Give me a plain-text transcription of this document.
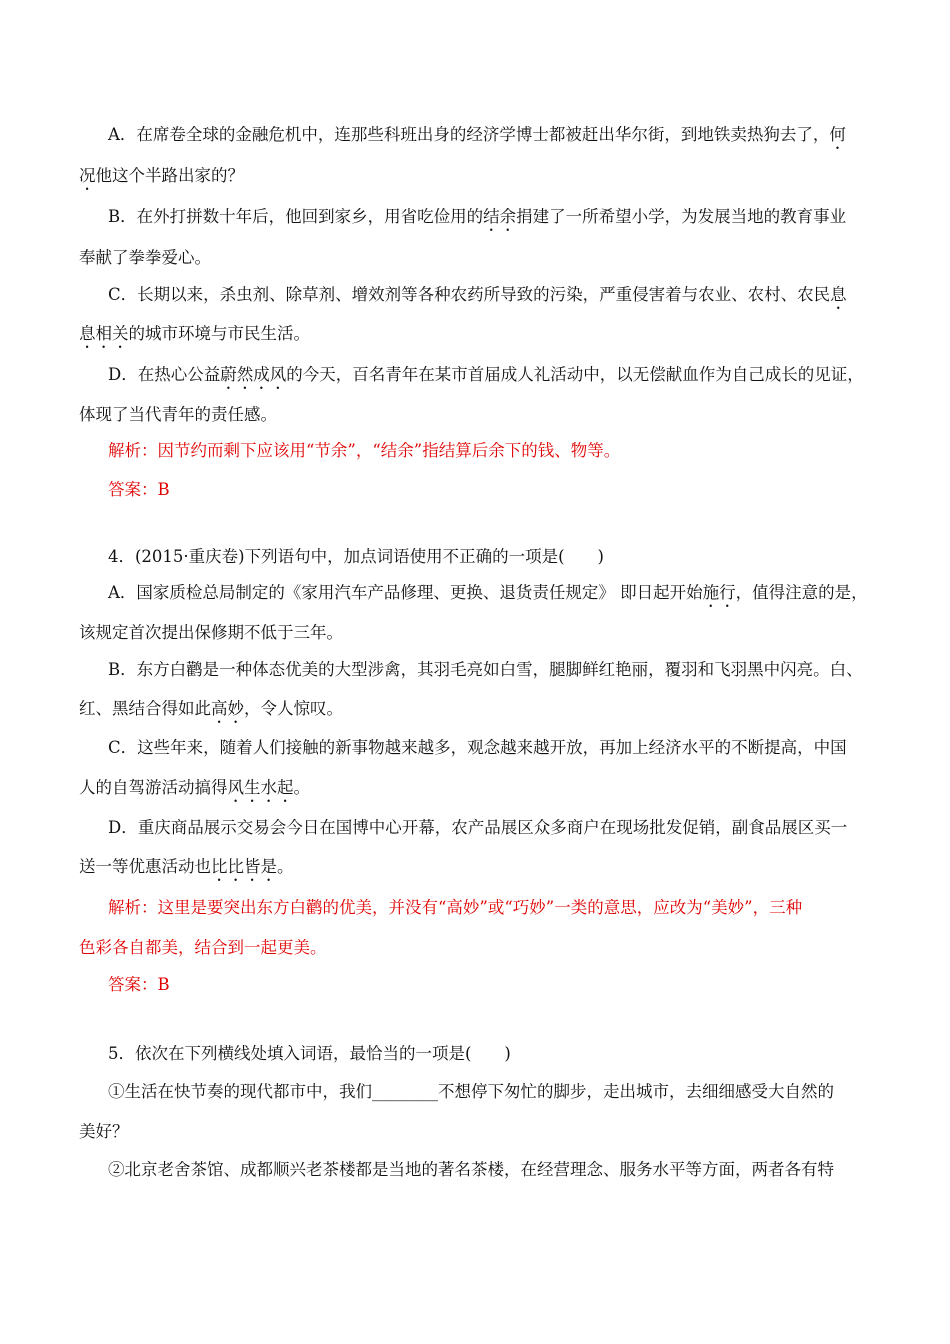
A．在席卷全球的金融危机中，连那些科班出身的经济学博士都被赶出华尔街，到地铁卖热狗去了，何
况他这个半路出家的？
B．在外打拼数十年后，他回到家乡，用省吃俭用的结余捐建了一所希望小学，为发展当地的教育事业
奉献了拳拳爱心。
C．长期以来，杀虫剂、除草剂、增效剂等各种农药所导致的污染，严重侵害着与农业、农村、农民息
息相关的城市环境与市民生活。
D．在热心公益蔚然成风的今天，百名青年在某市首届成人礼活动中，以无偿献血作为自己成长的见证，
体现了当代青年的责任感。
解析：因节约而剩下应该用“节余”，“结余”指结算后余下的钱、物等。
答案：B
4．(2015·重庆卷)下列语句中，加点词语使用不正确的一项是(　　)
A．国家质检总局制定的《家用汽车产品修理、更换、退货责任规定》 即日起开始施行，值得注意的是，
该规定首次提出保修期不低于三年。
B．东方白鹳是一种体态优美的大型涉禽，其羽毛亮如白雪，腿脚鲜红艳丽，覆羽和飞羽黑中闪亮。白、
红、黑结合得如此高妙，令人惊叹。
C．这些年来，随着人们接触的新事物越来越多，观念越来越开放，再加上经济水平的不断提高，中国
人的自驾游活动搞得风生水起。
D．重庆商品展示交易会今日在国博中心开幕，农产品展区众多商户在现场批发促销，副食品展区买一
送一等优惠活动也比比皆是。
解析：这里是要突出东方白鹳的优美，并没有“高妙”或“巧妙”一类的意思，应改为“美妙”，三种
色彩各自都美，结合到一起更美。
答案：B
5．依次在下列横线处填入词语，最恰当的一项是(　　)
①生活在快节奏的现代都市中，我们________不想停下匆忙的脚步，走出城市，去细细感受大自然的
美好？
②北京老舍茶馆、成都顺兴老茶楼都是当地的著名茶楼，在经营理念、服务水平等方面，两者各有特
